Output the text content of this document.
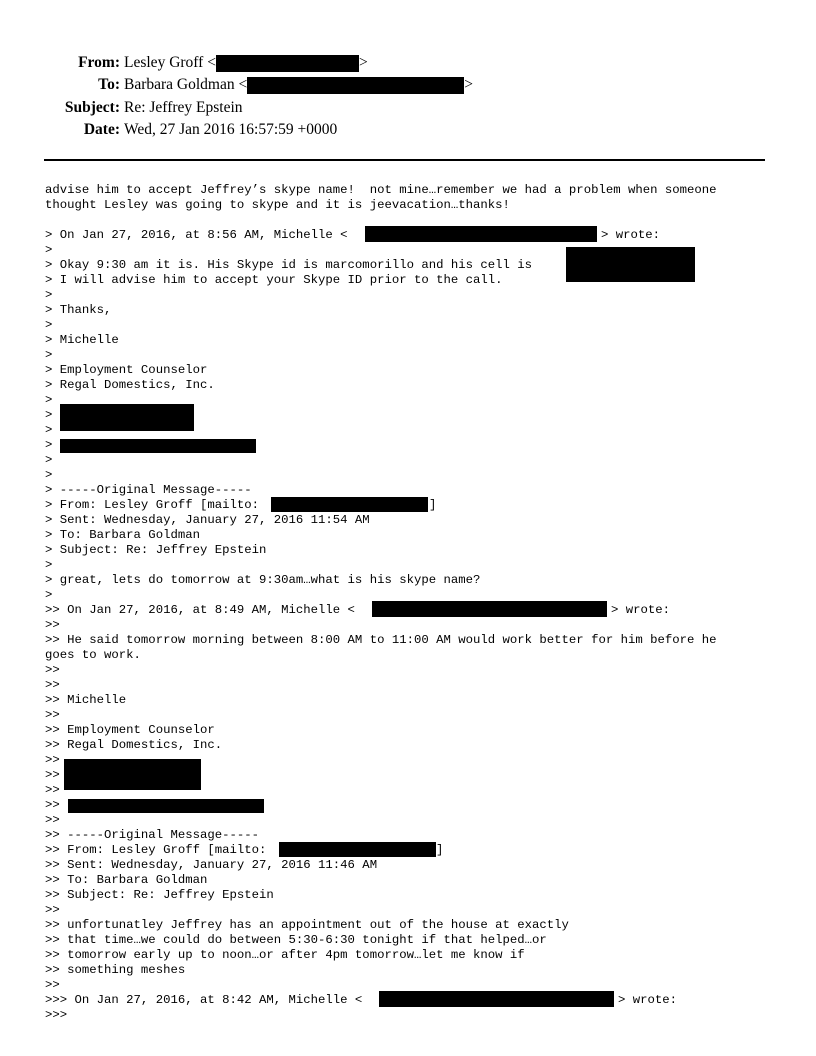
From: Lesley Groff <	>
To: Barbara Goldman <	>
Subject: Re: Jeffrey Epstein
Date: Wed, 27 Jan 2016 16:57:59 +0000
advise him to accept Jeffrey’s skype name!  not mine…remember we had a problem when someone
thought Lesley was going to skype and it is jeevacation…thanks!
> On Jan 27, 2016, at 8:56 AM, Michelle <	> wrote:
>
> Okay 9:30 am it is. His Skype id is marcomorillo and his cell is
> I will advise him to accept your Skype ID prior to the call.
>
> Thanks,
>
> Michelle
>
> Employment Counselor
> Regal Domestics, Inc.
>
>
>
>
>
>
> -----Original Message-----
> From: Lesley Groff [mailto:	]
> Sent: Wednesday, January 27, 2016 11:54 AM
> To: Barbara Goldman
> Subject: Re: Jeffrey Epstein
>
> great, lets do tomorrow at 9:30am…what is his skype name?
>
>> On Jan 27, 2016, at 8:49 AM, Michelle <	> wrote:
>>
>> He said tomorrow morning between 8:00 AM to 11:00 AM would work better for him before he
goes to work.
>>
>>
>> Michelle
>>
>> Employment Counselor
>> Regal Domestics, Inc.
>>
>>
>>
>>
>>
>> -----Original Message-----
>> From: Lesley Groff [mailto:	]
>> Sent: Wednesday, January 27, 2016 11:46 AM
>> To: Barbara Goldman
>> Subject: Re: Jeffrey Epstein
>>
>> unfortunatley Jeffrey has an appointment out of the house at exactly
>> that time…we could do between 5:30-6:30 tonight if that helped…or
>> tomorrow early up to noon…or after 4pm tomorrow…let me know if
>> something meshes
>>
>>> On Jan 27, 2016, at 8:42 AM, Michelle <	> wrote:
>>>
